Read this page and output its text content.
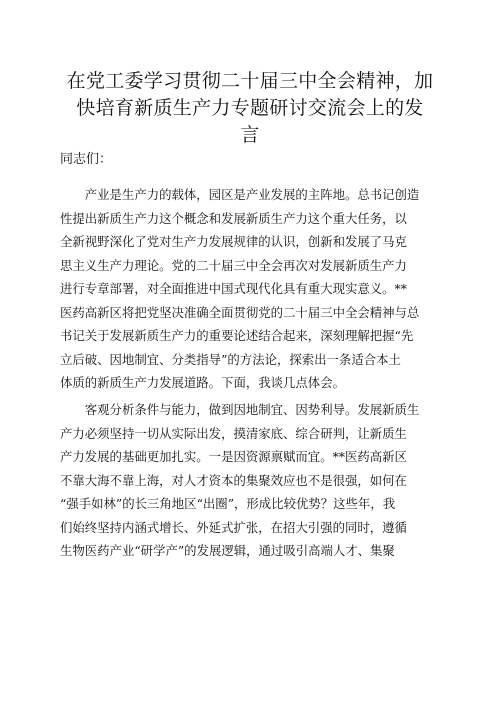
在党工委学习贯彻二十届三中全会精神，加
快培育新质生产力专题研讨交流会上的发
言
同志们：
　　产业是生产力的载体，园区是产业发展的主阵地。总书记创造
性提出新质生产力这个概念和发展新质生产力这个重大任务，以
全新视野深化了党对生产力发展规律的认识，创新和发展了马克
思主义生产力理论。党的二十届三中全会再次对发展新质生产力
进行专章部署，对全面推进中国式现代化具有重大现实意义。**
医药高新区将把党坚决准确全面贯彻党的二十届三中全会精神与总
书记关于发展新质生产力的重要论述结合起来，深刻理解把握“先
立后破、因地制宜、分类指导”的方法论，探索出一条适合本土
体质的新质生产力发展道路。下面，我谈几点体会。
　　客观分析条件与能力，做到因地制宜、因势利导。发展新质生
产力必须坚持一切从实际出发，摸清家底、综合研判，让新质生
产力发展的基础更加扎实。一是因资源禀赋而宜。**医药高新区
不靠大海不靠上海，对人才资本的集聚效应也不是很强，如何在
“强手如林”的长三角地区“出圈”，形成比较优势？这些年，我
们始终坚持内涵式增长、外延式扩张，在招大引强的同时，遵循
生物医药产业“研学产”的发展逻辑，通过吸引高端人才、集聚
